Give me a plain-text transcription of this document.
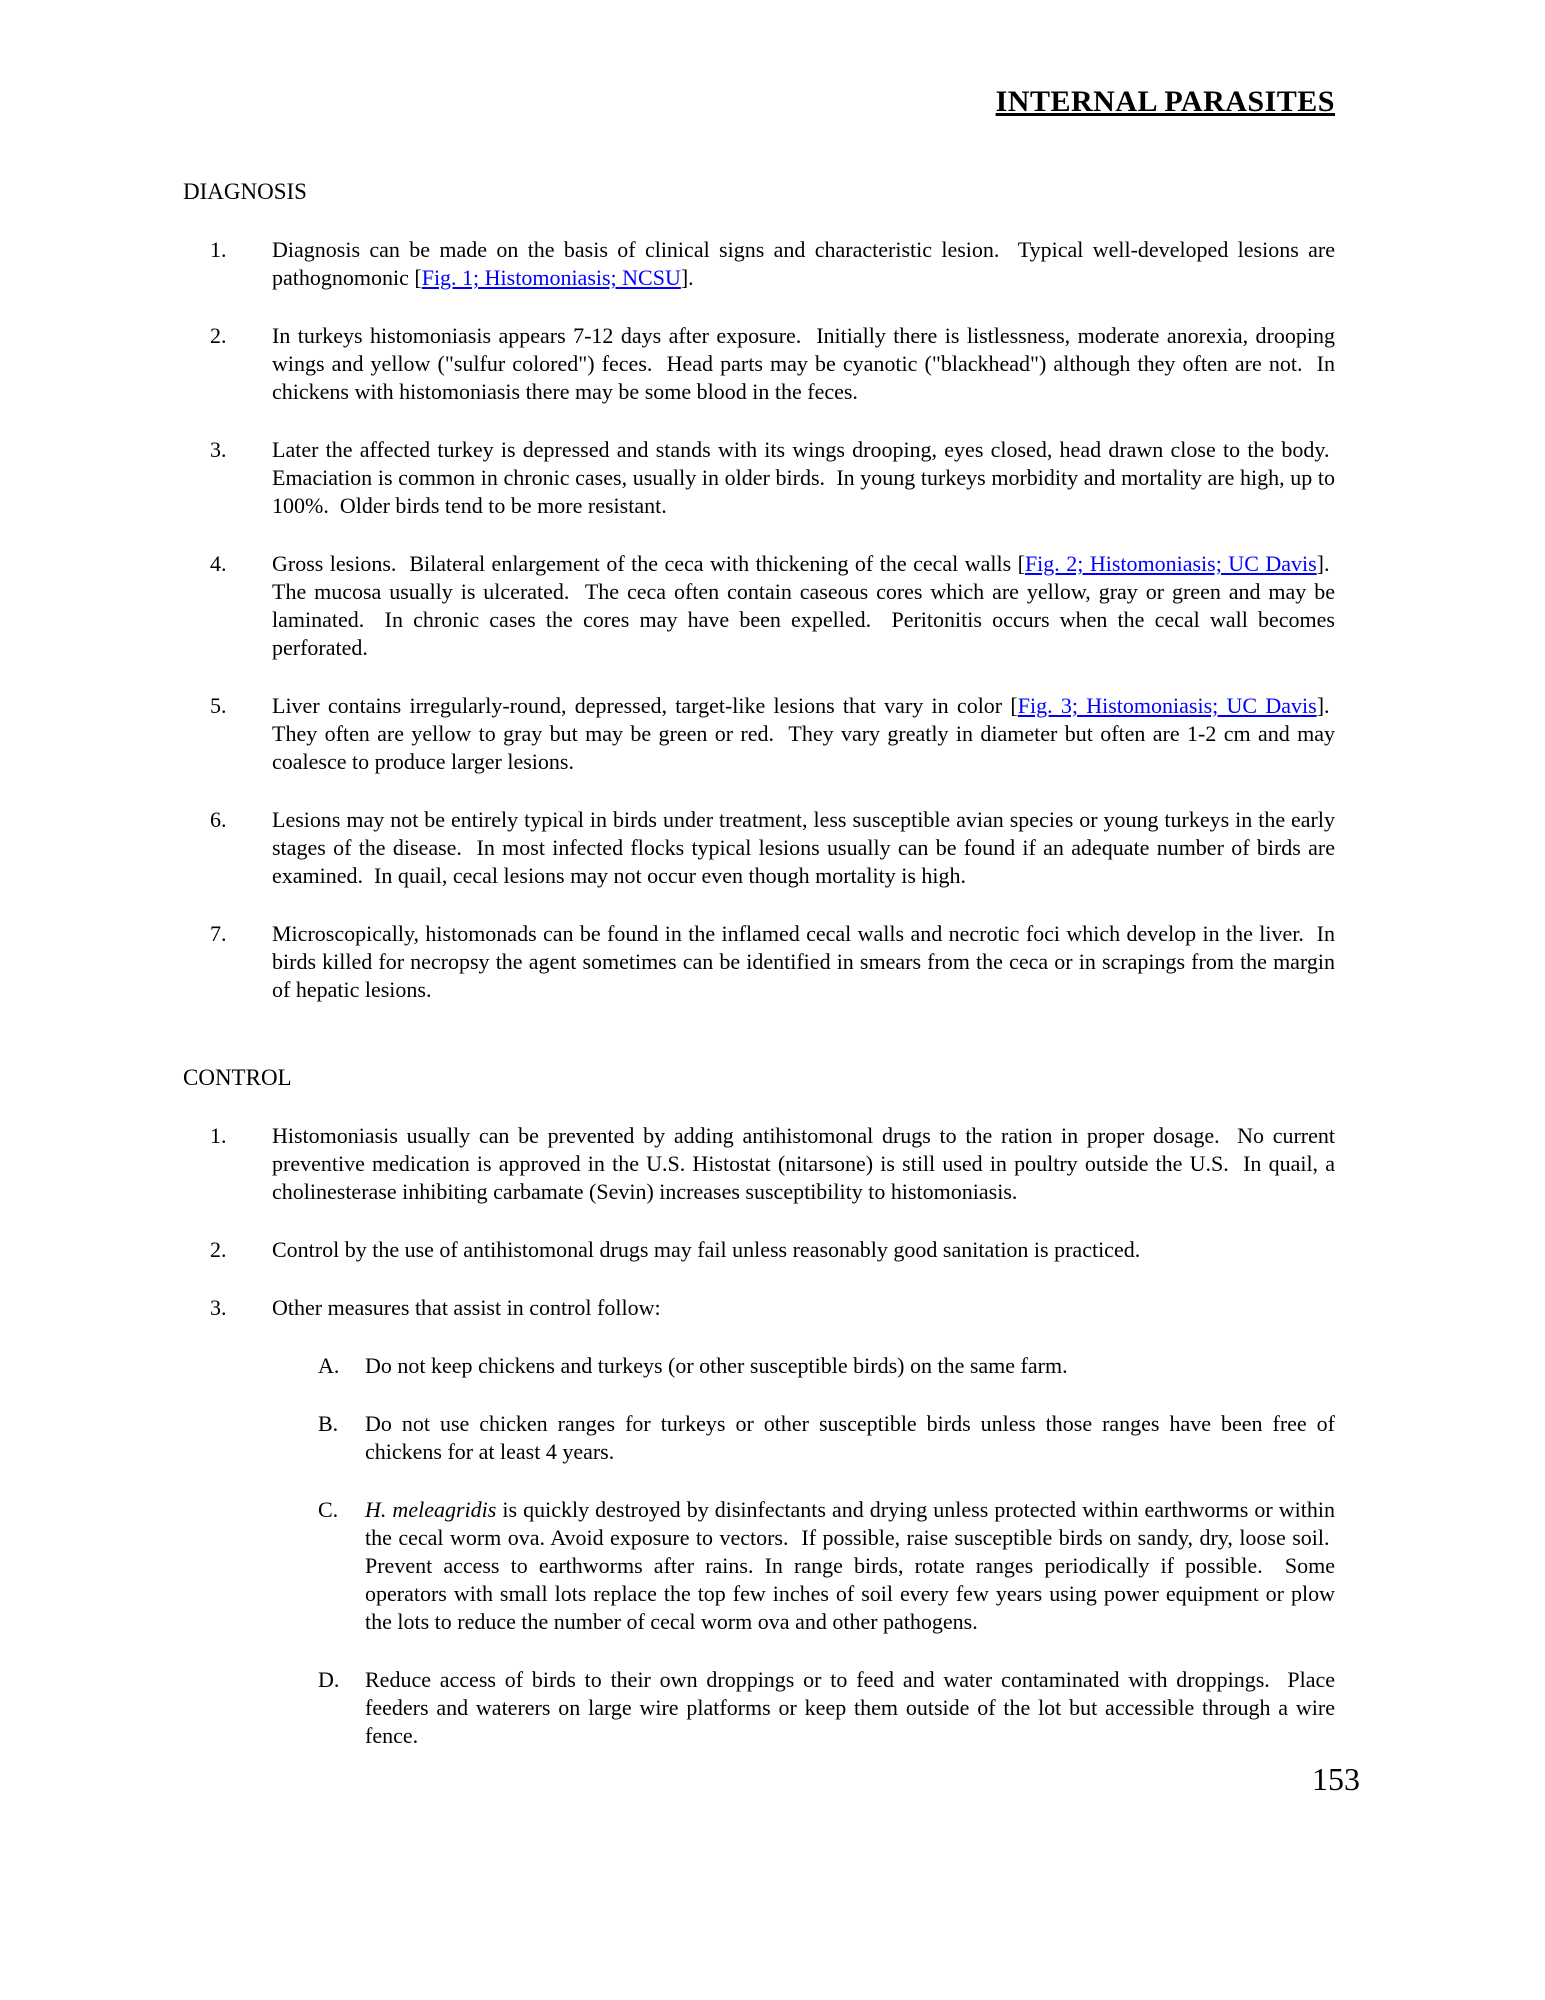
INTERNAL PARASITES
DIAGNOSIS
1. Diagnosis can be made on the basis of clinical signs and characteristic lesion.  Typical well-developed lesions are pathognomonic [Fig. 1; Histomoniasis; NCSU].
2. In turkeys histomoniasis appears 7-12 days after exposure.  Initially there is listlessness, moderate anorexia, drooping wings and yellow ("sulfur colored") feces.  Head parts may be cyanotic ("blackhead") although they often are not.  In chickens with histomoniasis there may be some blood in the feces.
3. Later the affected turkey is depressed and stands with its wings drooping, eyes closed, head drawn close to the body.  Emaciation is common in chronic cases, usually in older birds.  In young turkeys morbidity and mortality are high, up to 100%.  Older birds tend to be more resistant.
4. Gross lesions.  Bilateral enlargement of the ceca with thickening of the cecal walls [Fig. 2; Histomoniasis; UC Davis].  The mucosa usually is ulcerated.  The ceca often contain caseous cores which are yellow, gray or green and may be laminated.  In chronic cases the cores may have been expelled.  Peritonitis occurs when the cecal wall becomes perforated.
5. Liver contains irregularly-round, depressed, target-like lesions that vary in color [Fig. 3; Histomoniasis; UC Davis].  They often are yellow to gray but may be green or red.  They vary greatly in diameter but often are 1-2 cm and may coalesce to produce larger lesions.
6. Lesions may not be entirely typical in birds under treatment, less susceptible avian species or young turkeys in the early stages of the disease.  In most infected flocks typical lesions usually can be found if an adequate number of birds are examined.  In quail, cecal lesions may not occur even though mortality is high.
7. Microscopically, histomonads can be found in the inflamed cecal walls and necrotic foci which develop in the liver.  In birds killed for necropsy the agent sometimes can be identified in smears from the ceca or in scrapings from the margin of hepatic lesions.
CONTROL
1. Histomoniasis usually can be prevented by adding antihistomonal drugs to the ration in proper dosage.  No current preventive medication is approved in the U.S. Histostat (nitarsone) is still used in poultry outside the U.S.  In quail, a cholinesterase inhibiting carbamate (Sevin) increases susceptibility to histomoniasis.
2. Control by the use of antihistomonal drugs may fail unless reasonably good sanitation is practiced.
3. Other measures that assist in control follow:
A. Do not keep chickens and turkeys (or other susceptible birds) on the same farm.
B. Do not use chicken ranges for turkeys or other susceptible birds unless those ranges have been free of chickens for at least 4 years.
C. H. meleagridis is quickly destroyed by disinfectants and drying unless protected within earthworms or within the cecal worm ova. Avoid exposure to vectors.  If possible, raise susceptible birds on sandy, dry, loose soil.  Prevent access to earthworms after rains. In range birds, rotate ranges periodically if possible.  Some operators with small lots replace the top few inches of soil every few years using power equipment or plow the lots to reduce the number of cecal worm ova and other pathogens.
D. Reduce access of birds to their own droppings or to feed and water contaminated with droppings.  Place feeders and waterers on large wire platforms or keep them outside of the lot but accessible through a wire fence.
153
